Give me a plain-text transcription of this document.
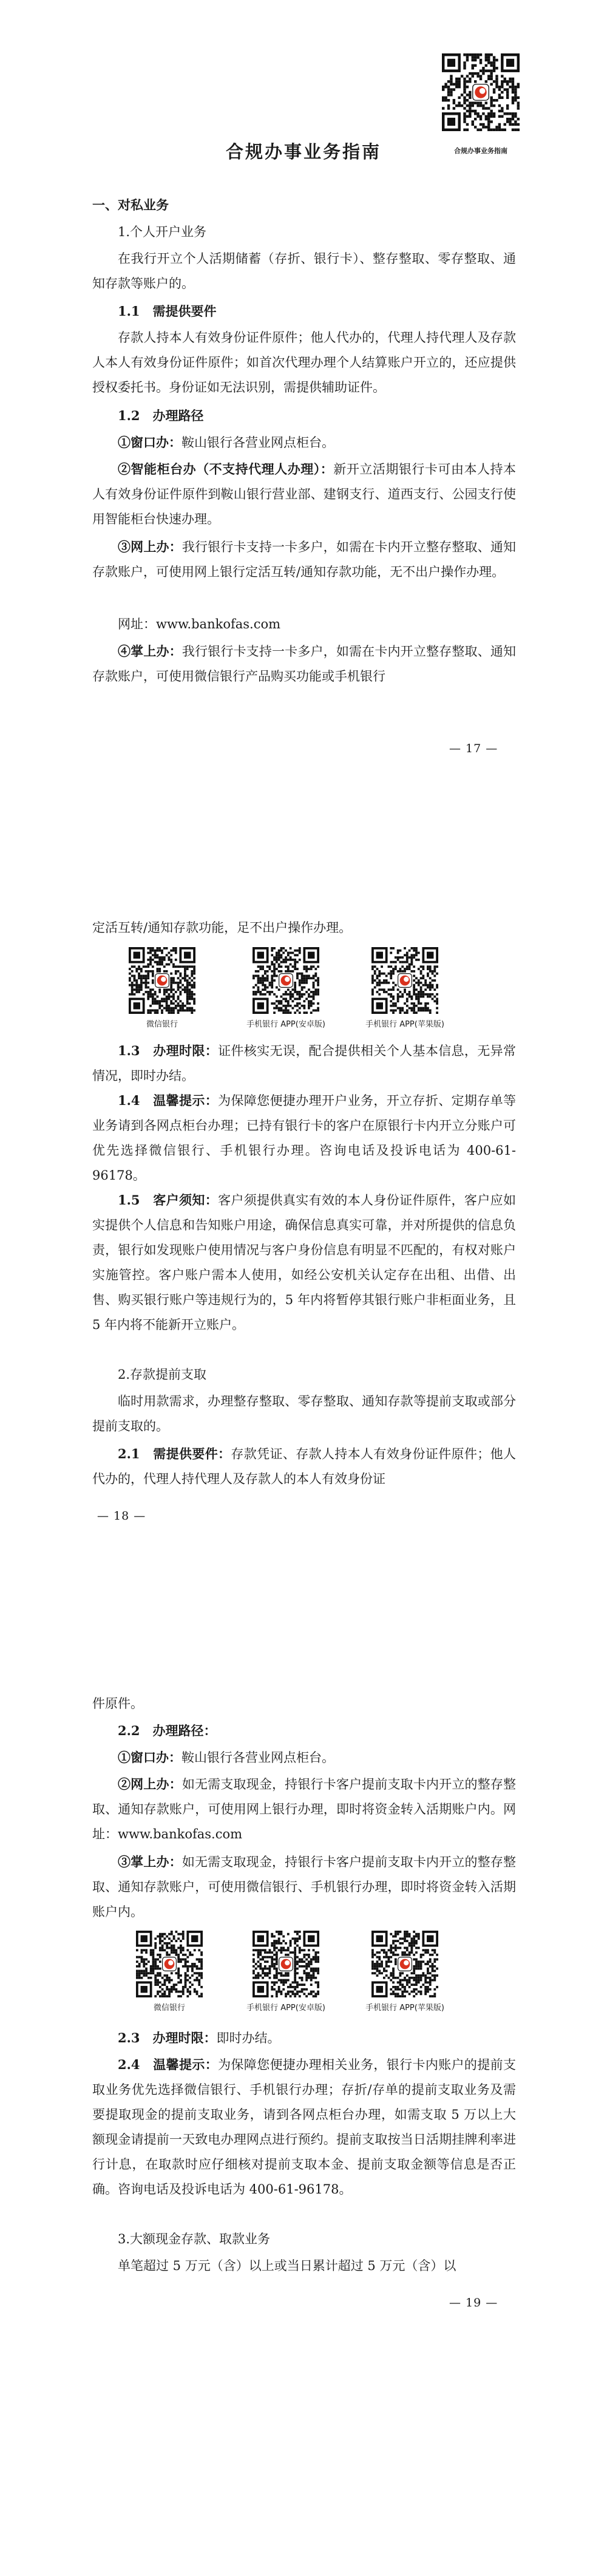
合规办事业务指南
合规办事业务指南

一、对私业务

1.个人开户业务

在我行开立个人活期储蓄（存折、银行卡）、整存整取、零存整取、通知存款等账户的。

1.1　需提供要件

存款人持本人有效身份证件原件；他人代办的，代理人持代理人及存款人本人有效身份证件原件；如首次代理办理个人结算账户开立的，还应提供授权委托书。身份证如无法识别，需提供辅助证件。

1.2　办理路径

①窗口办：鞍山银行各营业网点柜台。

②智能柜台办（不支持代理人办理）：新开立活期银行卡可由本人持本人有效身份证件原件到鞍山银行营业部、建钢支行、道西支行、公园支行使用智能柜台快速办理。

③网上办：我行银行卡支持一卡多户，如需在卡内开立整存整取、通知存款账户，可使用网上银行定活互转/通知存款功能，无不出户操作办理。

网址：www.bankofas.com

④掌上办：我行银行卡支持一卡多户，如需在卡内开立整存整取、通知存款账户，可使用微信银行产品购买功能或手机银行

— 17 —

定活互转/通知存款功能，足不出户操作办理。

微信银行	手机银行 APP(安卓版)	手机银行 APP(苹果版)

1.3　办理时限：证件核实无误，配合提供相关个人基本信息，无异常情况，即时办结。

1.4　温馨提示：为保障您便捷办理开户业务，开立存折、定期存单等业务请到各网点柜台办理；已持有银行卡的客户在原银行卡内开立分账户可优先选择微信银行、手机银行办理。咨询电话及投诉电话为 400-61-96178。

1.5　客户须知：客户须提供真实有效的本人身份证件原件，客户应如实提供个人信息和告知账户用途，确保信息真实可靠，并对所提供的信息负责，银行如发现账户使用情况与客户身份信息有明显不匹配的，有权对账户实施管控。客户账户需本人使用，如经公安机关认定存在出租、出借、出售、购买银行账户等违规行为的，5 年内将暂停其银行账户非柜面业务，且 5 年内将不能新开立账户。

2.存款提前支取

临时用款需求，办理整存整取、零存整取、通知存款等提前支取或部分提前支取的。

2.1　需提供要件：存款凭证、存款人持本人有效身份证件原件；他人代办的，代理人持代理人及存款人的本人有效身份证

— 18 —

件原件。

2.2　办理路径：

①窗口办：鞍山银行各营业网点柜台。

②网上办：如无需支取现金，持银行卡客户提前支取卡内开立的整存整取、通知存款账户，可使用网上银行办理，即时将资金转入活期账户内。网址：www.bankofas.com

③掌上办：如无需支取现金，持银行卡客户提前支取卡内开立的整存整取、通知存款账户，可使用微信银行、手机银行办理，即时将资金转入活期账户内。

微信银行	手机银行 APP(安卓版)	手机银行 APP(苹果版)

2.3　办理时限：即时办结。

2.4　温馨提示：为保障您便捷办理相关业务，银行卡内账户的提前支取业务优先选择微信银行、手机银行办理；存折/存单的提前支取业务及需要提取现金的提前支取业务，请到各网点柜台办理，如需支取 5 万以上大额现金请提前一天致电办理网点进行预约。提前支取按当日活期挂牌利率进行计息，在取款时应仔细核对提前支取本金、提前支取金额等信息是否正确。咨询电话及投诉电话为 400-61-96178。

3.大额现金存款、取款业务

单笔超过 5 万元（含）以上或当日累计超过 5 万元（含）以

— 19 —
